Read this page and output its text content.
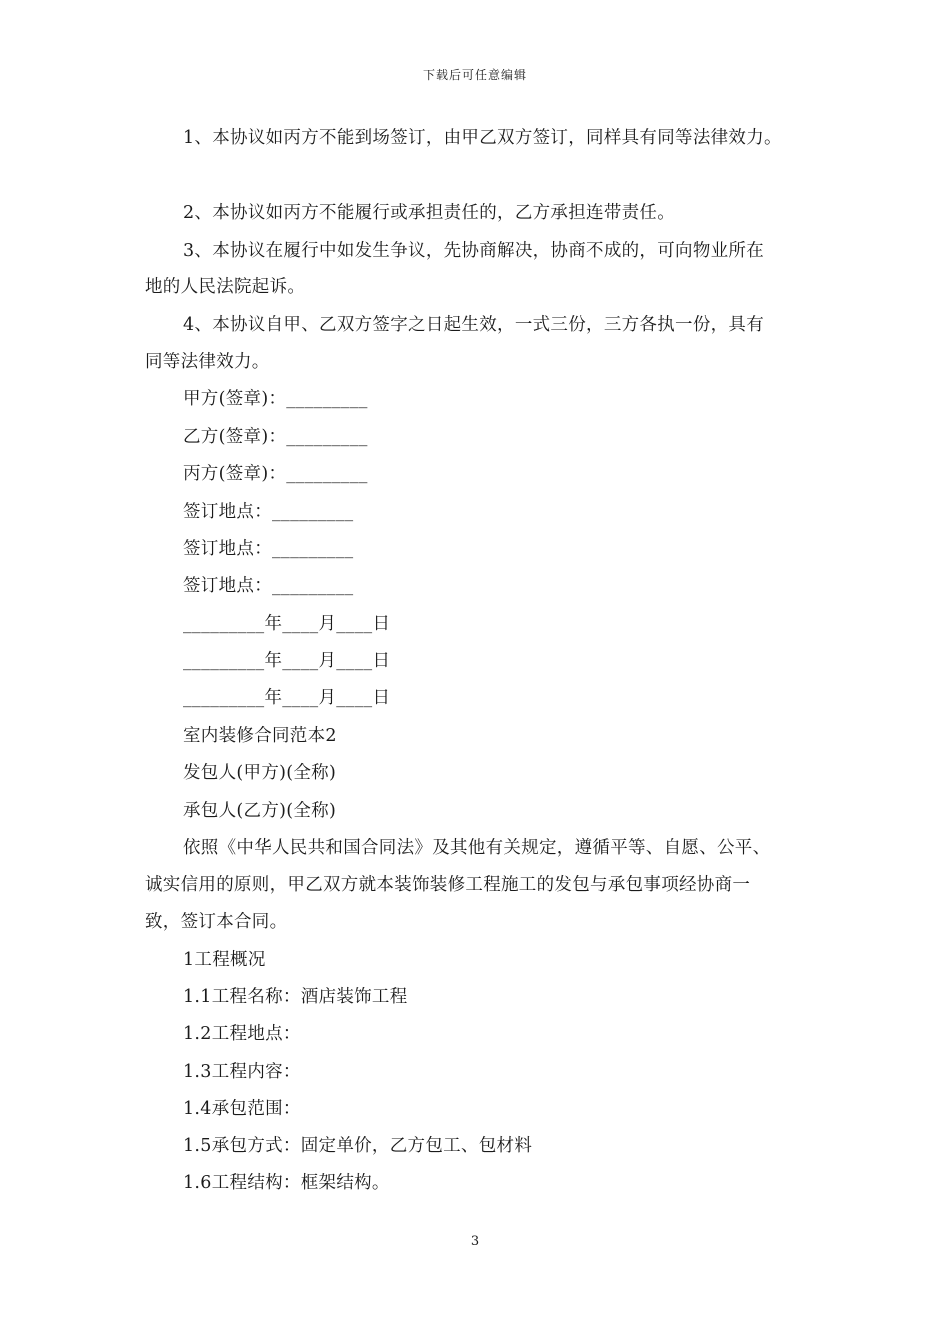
下载后可任意编辑
1、本协议如丙方不能到场签订，由甲乙双方签订，同样具有同等法律效力。
2、本协议如丙方不能履行或承担责任的，乙方承担连带责任。
3、本协议在履行中如发生争议，先协商解决，协商不成的，可向物业所在
地的人民法院起诉。
4、本协议自甲、乙双方签字之日起生效，一式三份，三方各执一份，具有
同等法律效力。
甲方(签章)：_________
乙方(签章)：_________
丙方(签章)：_________
签订地点：_________
签订地点：_________
签订地点：_________
_________年____月____日
_________年____月____日
_________年____月____日
室内装修合同范本2
发包人(甲方)(全称)
承包人(乙方)(全称)
依照《中华人民共和国合同法》及其他有关规定，遵循平等、自愿、公平、
诚实信用的原则，甲乙双方就本装饰装修工程施工的发包与承包事项经协商一
致，签订本合同。
1工程概况
1.1工程名称：酒店装饰工程
1.2工程地点：
1.3工程内容：
1.4承包范围：
1.5承包方式：固定单价，乙方包工、包材料
1.6工程结构：框架结构。
3
